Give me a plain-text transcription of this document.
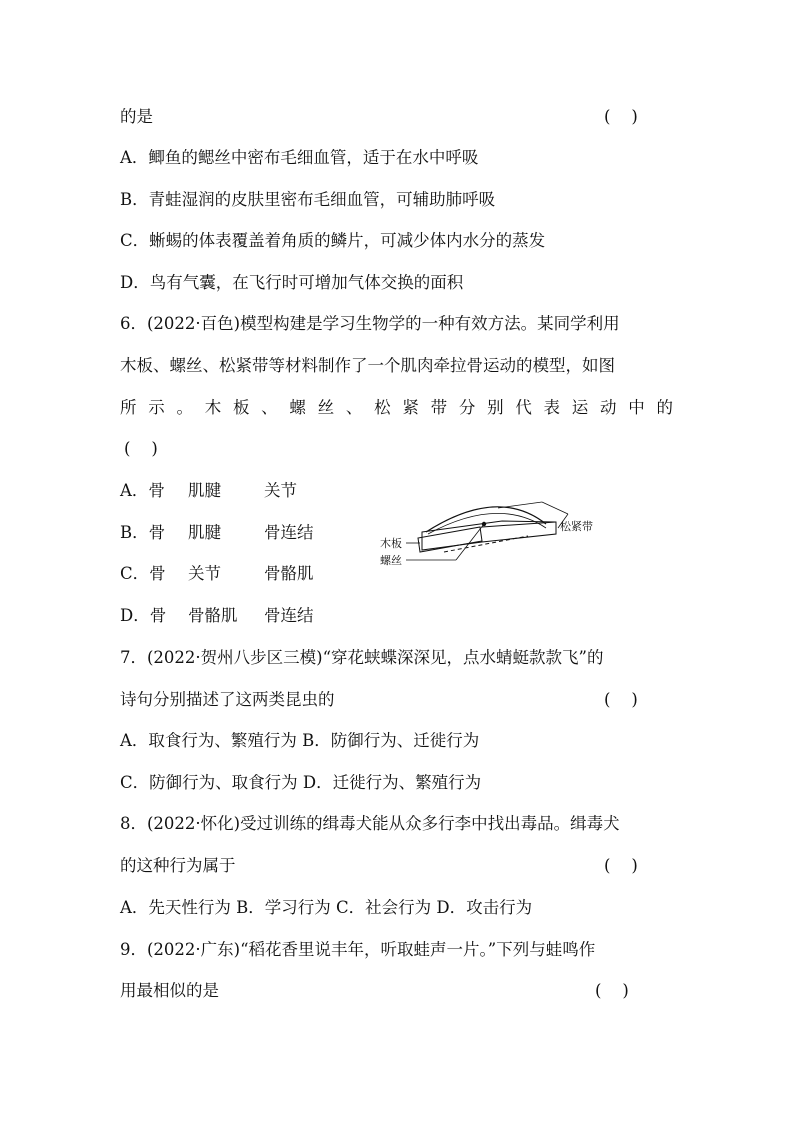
的是	(    )
A．鲫鱼的鳃丝中密布毛细血管，适于在水中呼吸
B．青蛙湿润的皮肤里密布毛细血管，可辅助肺呼吸
C．蜥蜴的体表覆盖着角质的鳞片，可减少体内水分的蒸发
D．鸟有气囊，在飞行时可增加气体交换的面积
6．(2022·百色)模型构建是学习生物学的一种有效方法。某同学利用
木板、螺丝、松紧带等材料制作了一个肌肉牵拉骨运动的模型，如图
所 示 。 木 板 、 螺 丝 、 松 紧 带 分 别 代 表 运 动 中 的
(    )
A．骨 肌腱	关节
B．骨 肌腱	骨连结
C．骨 关节	骨骼肌
D．骨 骨骼肌 骨连结
木板
螺丝
松紧带
7．(2022·贺州八步区三模)“穿花蛱蝶深深见，点水蜻蜓款款飞”的
诗句分别描述了这两类昆虫的	(    )
A．取食行为、繁殖行为 B．防御行为、迁徙行为
C．防御行为、取食行为 D．迁徙行为、繁殖行为
8．(2022·怀化)受过训练的缉毒犬能从众多行李中找出毒品。缉毒犬
的这种行为属于	(    )
A．先天性行为 B．学习行为 C．社会行为 D．攻击行为
9．(2022·广东)“稻花香里说丰年，听取蛙声一片。”下列与蛙鸣作
用最相似的是	(    )
